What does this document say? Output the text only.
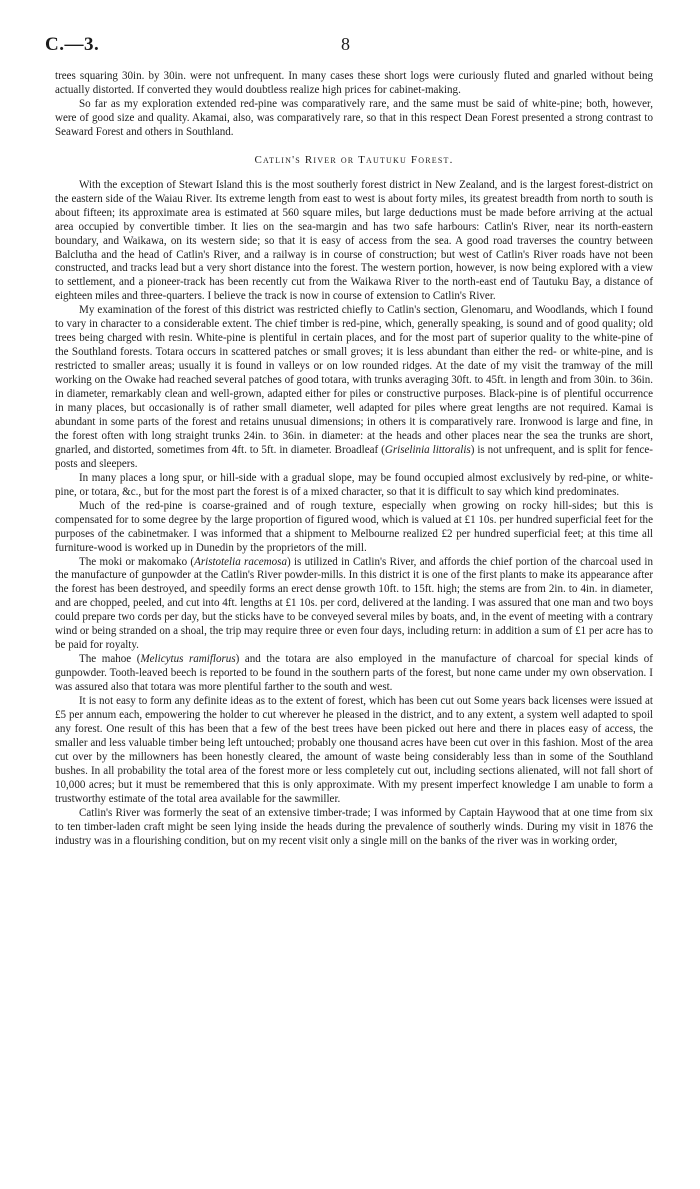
C.—3.	8

trees squaring 30in. by 30in. were not unfrequent. In many cases these short logs were curiously fluted and gnarled without being actually distorted. If converted they would doubtless realize high prices for cabinet-making.

So far as my exploration extended red-pine was comparatively rare, and the same must be said of white-pine; both, however, were of good size and quality. Akamai, also, was comparatively rare, so that in this respect Dean Forest presented a strong contrast to Seaward Forest and others in Southland.

Catlin's River or Tautuku Forest.

With the exception of Stewart Island this is the most southerly forest district in New Zealand, and is the largest forest-district on the eastern side of the Waiau River. Its extreme length from east to west is about forty miles, its greatest breadth from north to south is about fifteen; its approximate area is estimated at 560 square miles, but large deductions must be made before arriving at the actual area occupied by convertible timber. It lies on the sea-margin and has two safe harbours: Catlin's River, near its north-eastern boundary, and Waikawa, on its western side; so that it is easy of access from the sea. A good road traverses the country between Balclutha and the head of Catlin's River, and a railway is in course of construction; but west of Catlin's River roads have not been constructed, and tracks lead but a very short distance into the forest. The western portion, however, is now being explored with a view to settlement, and a pioneer-track has been recently cut from the Waikawa River to the north-east end of Tautuku Bay, a distance of eighteen miles and three-quarters. I believe the track is now in course of extension to Catlin's River.

My examination of the forest of this district was restricted chiefly to Catlin's section, Glenomaru, and Woodlands, which I found to vary in character to a considerable extent. The chief timber is red-pine, which, generally speaking, is sound and of good quality; old trees being charged with resin. White-pine is plentiful in certain places, and for the most part of superior quality to the white-pine of the Southland forests. Totara occurs in scattered patches or small groves; it is less abundant than either the red- or white-pine, and is restricted to smaller areas; usually it is found in valleys or on low rounded ridges. At the date of my visit the tramway of the mill working on the Owake had reached several patches of good totara, with trunks averaging 30ft. to 45ft. in length and from 30in. to 36in. in diameter, remarkably clean and well-grown, adapted either for piles or constructive purposes. Black-pine is of plentiful occurrence in many places, but occasionally is of rather small diameter, well adapted for piles where great lengths are not required. Kamai is abundant in some parts of the forest and retains unusual dimensions; in others it is comparatively rare. Ironwood is large and fine, in the forest often with long straight trunks 24in. to 36in. in diameter: at the heads and other places near the sea the trunks are short, gnarled, and distorted, sometimes from 4ft. to 5ft. in diameter. Broadleaf (Griselinia littoralis) is not unfrequent, and is split for fence-posts and sleepers.

In many places a long spur, or hill-side with a gradual slope, may be found occupied almost exclusively by red-pine, or white-pine, or totara, &c., but for the most part the forest is of a mixed character, so that it is difficult to say which kind predominates.

Much of the red-pine is coarse-grained and of rough texture, especially when growing on rocky hill-sides; but this is compensated for to some degree by the large proportion of figured wood, which is valued at £1 10s. per hundred superficial feet for the purposes of the cabinetmaker. I was informed that a shipment to Melbourne realized £2 per hundred superficial feet; at this time all furniture-wood is worked up in Dunedin by the proprietors of the mill.

The moki or makomako (Aristotelia racemosa) is utilized in Catlin's River, and affords the chief portion of the charcoal used in the manufacture of gunpowder at the Catlin's River powder-mills. In this district it is one of the first plants to make its appearance after the forest has been destroyed, and speedily forms an erect dense growth 10ft. to 15ft. high; the stems are from 2in. to 4in. in diameter, and are chopped, peeled, and cut into 4ft. lengths at £1 10s. per cord, delivered at the landing. I was assured that one man and two boys could prepare two cords per day, but the sticks have to be conveyed several miles by boats, and, in the event of meeting with a contrary wind or being stranded on a shoal, the trip may require three or even four days, including return: in addition a sum of £1 per acre has to be paid for royalty.

The mahoe (Melicytus ramiflorus) and the totara are also employed in the manufacture of charcoal for special kinds of gunpowder. Tooth-leaved beech is reported to be found in the southern parts of the forest, but none came under my own observation. I was assured also that totara was more plentiful farther to the south and west.

It is not easy to form any definite ideas as to the extent of forest, which has been cut out Some years back licenses were issued at £5 per annum each, empowering the holder to cut wherever he pleased in the district, and to any extent, a system well adapted to spoil any forest. One result of this has been that a few of the best trees have been picked out here and there in places easy of access, the smaller and less valuable timber being left untouched; probably one thousand acres have been cut over in this fashion. Most of the area cut over by the millowners has been honestly cleared, the amount of waste being considerably less than in some of the Southland bushes. In all probability the total area of the forest more or less completely cut out, including sections alienated, will not fall short of 10,000 acres; but it must be remembered that this is only approximate. With my present imperfect knowledge I am unable to form a trustworthy estimate of the total area available for the sawmiller.

Catlin's River was formerly the seat of an extensive timber-trade; I was informed by Captain Haywood that at one time from six to ten timber-laden craft might be seen lying inside the heads during the prevalence of southerly winds. During my visit in 1876 the industry was in a flourishing condition, but on my recent visit only a single mill on the banks of the river was in working order,
